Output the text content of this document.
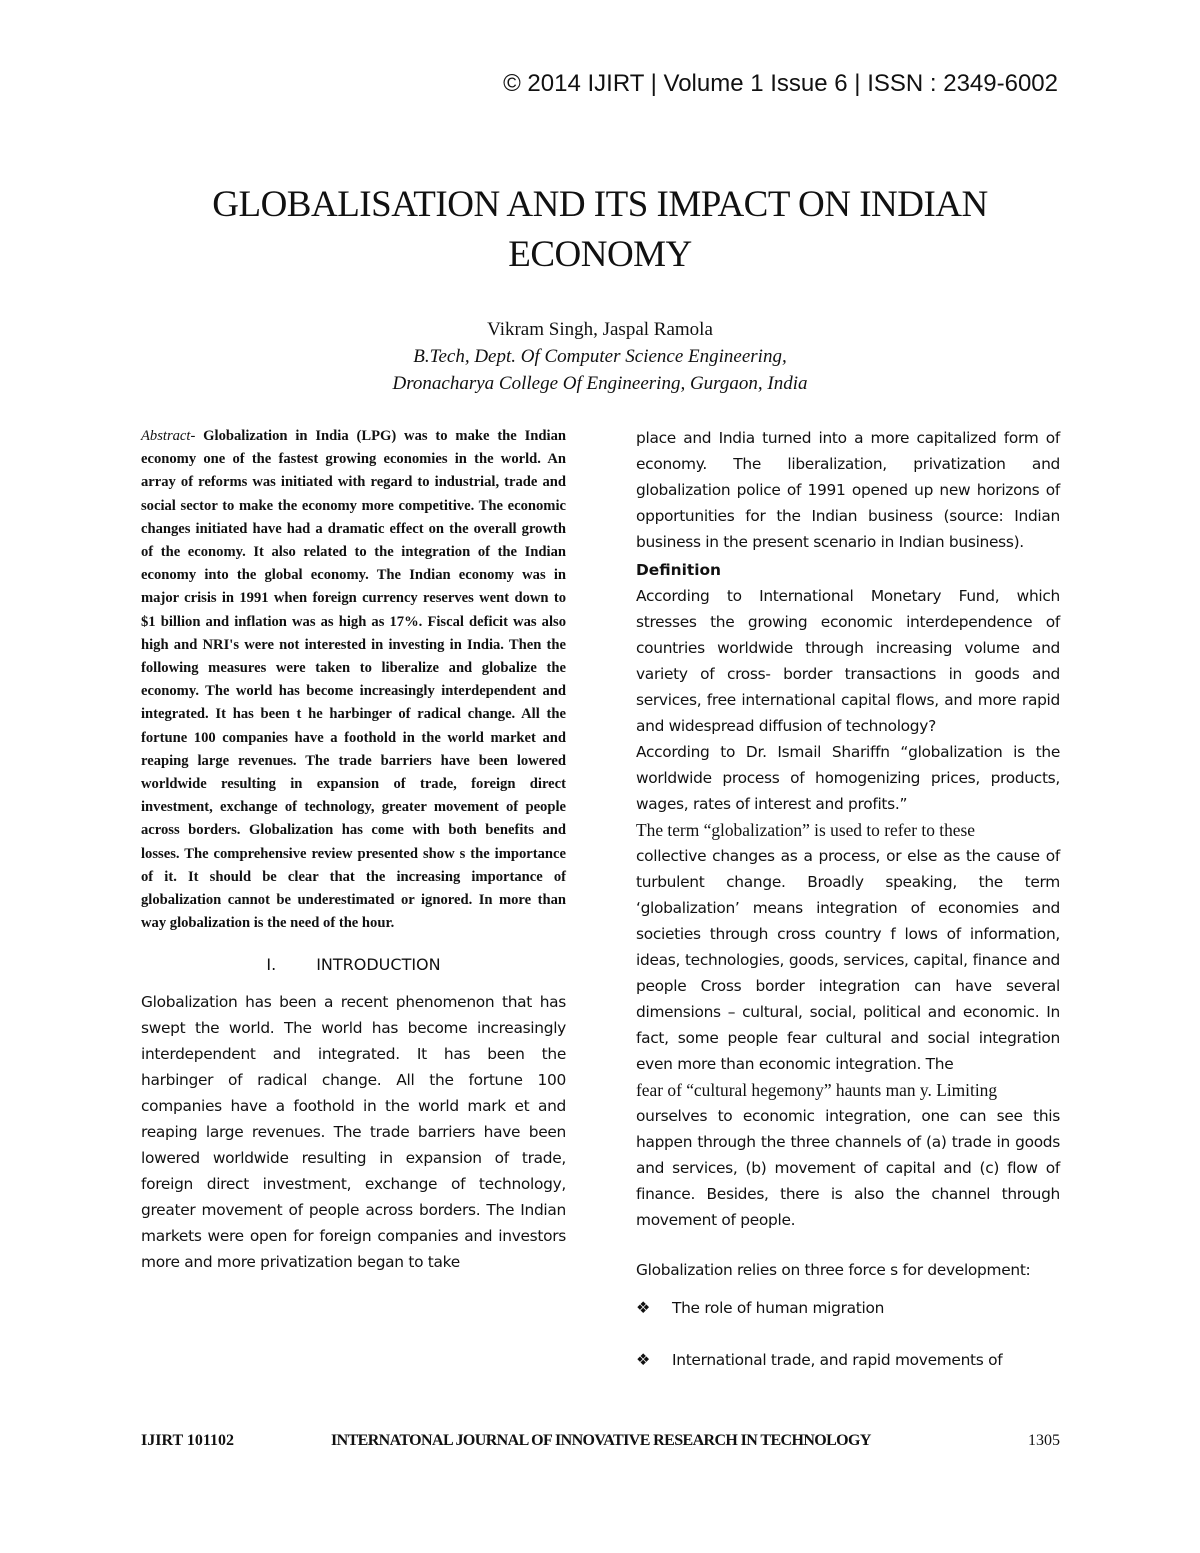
© 2014 IJIRT | Volume 1 Issue 6 | ISSN : 2349-6002
GLOBALISATION AND ITS IMPACT ON INDIAN
ECONOMY
Vikram Singh, Jaspal Ramola
B.Tech, Dept. Of Computer Science Engineering,
Dronacharya College Of Engineering, Gurgaon, India

Abstract- Globalization in India (LPG) was to make the Indian economy one of the fastest growing economies in the world. An array of reforms was initiated with regard to industrial, trade and social sector to make the economy more competitive. The economic changes initiated have had a dramatic effect on the overall growth of the economy. It also related to the integration of the Indian economy into the global economy. The Indian economy was in major crisis in 1991 when foreign currency reserves went down to $1 billion and inflation was as high as 17%. Fiscal deficit was also high and NRI's were not interested in investing in India. Then the following measures were taken to liberalize and globalize the economy. The world has become increasingly interdependent and integrated. It has been t he harbinger of radical change. All the fortune 100 companies have a foothold in the world market and reaping large revenues. The trade barriers have been lowered worldwide resulting in expansion of trade, foreign direct investment, exchange of technology, greater movement of people across borders. Globalization has come with both benefits and losses. The comprehensive review presented show s the importance of it. It should be clear that the increasing importance of globalization cannot be underestimated or ignored. In more than way globalization is the need of the hour.

I.	INTRODUCTION

Globalization has been a recent phenomenon that has swept the world. The world has become increasingly interdependent and integrated. It has been the harbinger of radical change. All the fortune 100 companies have a foothold in the world mark et and reaping large revenues. The trade barriers have been lowered worldwide resulting in expansion of trade, foreign direct investment, exchange of technology, greater movement of people across borders. The Indian markets were open for foreign companies and investors more and more privatization began to take

place and India turned into a more capitalized form of economy. The liberalization, privatization and globalization police of 1991 opened up new horizons of opportunities for the Indian business (source: Indian business in the present scenario in Indian business).

Definition

According to International Monetary Fund, which stresses the growing economic interdependence of countries worldwide through increasing volume and variety of cross- border transactions in goods and services, free international capital flows, and more rapid and widespread diffusion of technology?

According to Dr. Ismail Shariffn “globalization is the worldwide process of homogenizing prices, products, wages, rates of interest and profits.”

The term “globalization” is used to refer to these

collective changes as a process, or else as the cause of turbulent change. Broadly speaking, the term ‘globalization’ means integration of economies and societies through cross country f lows of information, ideas, technologies, goods, services, capital, finance and people Cross border integration can have several dimensions – cultural, social, political and economic. In fact, some people fear cultural and social integration even more than economic integration. The

fear of “cultural hegemony” haunts man y. Limiting

ourselves to economic integration, one can see this happen through the three channels of (a) trade in goods and services, (b) movement of capital and (c) flow of finance. Besides, there is also the channel through movement of people.

Globalization relies on three force s for development:

❖ The role of human migration
❖ International trade, and rapid movements of
IJIRT 101102	INTERNATONAL JOURNAL OF INNOVATIVE RESEARCH IN TECHNOLOGY	1305
